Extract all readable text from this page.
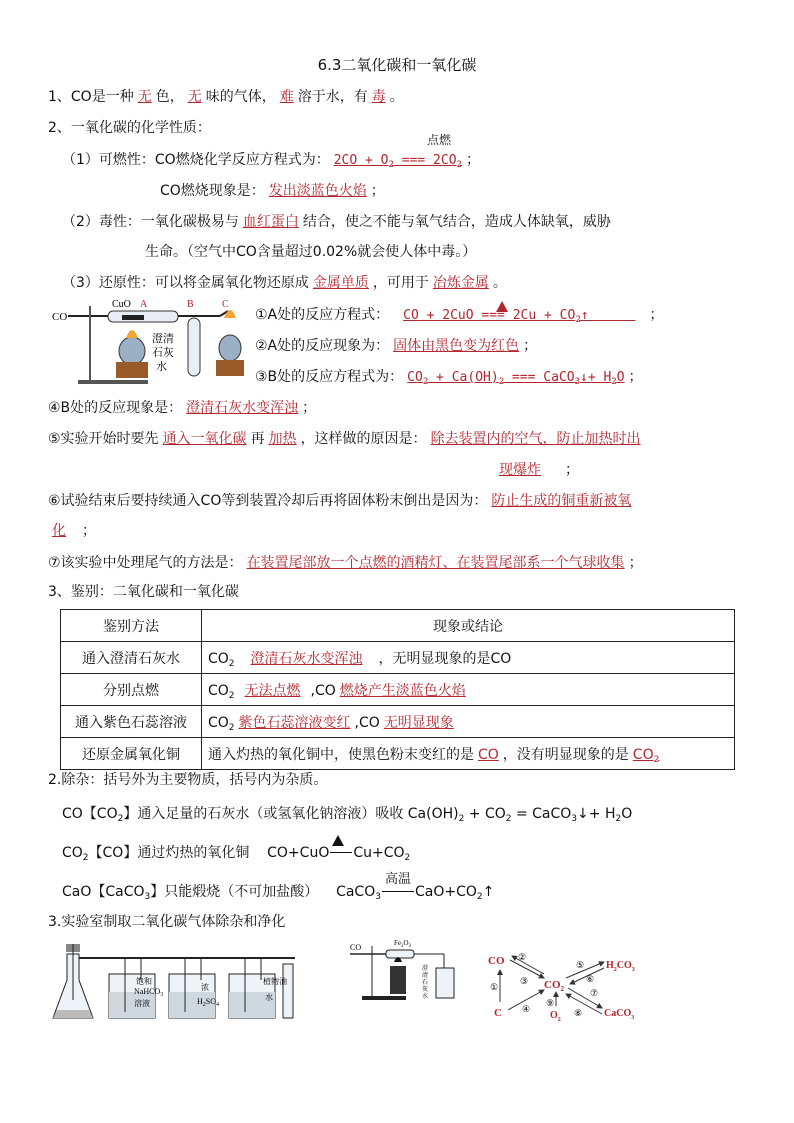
6.3二氧化碳和一氧化碳
1、CO是一种 无 色， 无 味的气体， 难 溶于水，有 毒 。
2、一氧化碳的化学性质：
点燃
（1）可燃性：CO燃烧化学反应方程式为： $2CO + O_2$ === $2CO_2$ ；
CO燃烧现象是： 发出淡蓝色火焰 ；
（2）毒性：一氧化碳极易与 血红蛋白 结合，使之不能与氧气结合，造成人体缺氧，威胁
生命。（空气中CO含量超过0.02%就会使人体中毒。）
（3）还原性：可以将金属氧化物还原成 金属单质 ，可用于 冶炼金属 。
CO
CuO A	B	C
澄清
石灰
水
①A处的反应方程式： CO + 2CuO === $2Cu + CO_2↑$      ；
②A处的反应现象为： 固体由黑色变为红色 ；
③B处的反应方程式为： $CO_2 + Ca(OH)_2$ === CaCO$_3$↓+ $H_2O$ ；
④B处的反应现象是： 澄清石灰水变浑浊 ；
⑤实验开始时要先 通入一氧化碳 再 加热 ，这样做的原因是： 除去装置内的空气，防止加热时出
现爆炸 ；
⑥试验结束后要持续通入CO等到装置冷却后再将固体粉末倒出是因为： 防止生成的铜重新被氧
化 ；
⑦该实验中处理尾气的方法是： 在装置尾部放一个点燃的酒精灯、在装置尾部系一个气球收集 ；
3、鉴别：二氧化碳和一氧化碳
鉴别方法	现象或结论
通入澄清石灰水	$CO_2$ 澄清石灰水变浑浊 ，无明显现象的是CO
分别点燃	$CO_2$ 无法点燃 ,CO 燃烧产生淡蓝色火焰
通入紫色石蕊溶液	$CO_2$ 紫色石蕊溶液变红 ,CO 无明显现象
还原金属氧化铜	通入灼热的氧化铜中，使黑色粉末变红的是 CO ，没有明显现象的是 $CO_2$
2.除杂：括号外为主要物质，括号内为杂质。
CO【$CO_2$】通入足量的石灰水（或氢氧化钠溶液）吸收 $Ca(OH)_2 + CO_2$ = CaCO$_3$↓+ $H_2O$
$CO_2$【CO】通过灼热的氧化铜 CO+CuO $Cu+CO_2$
高温
CaO【CaCO$_3$】只能煅烧（不可加盐酸） CaCO$_3$ $CaO+CO_2↑$
3.实验室制取二氧化碳气体除杂和净化
饱和
NaHCO$_3$
溶液
浓
$H_2SO_4$
植物油
水
CO	$Fe_2O_3$
澄
清
石
灰
水
CO
$CO_2$
C	$O_2$
$H_2CO_3$
CaCO$_3$
①
②
③
④
⑤
⑥
⑦
⑧
⑨
